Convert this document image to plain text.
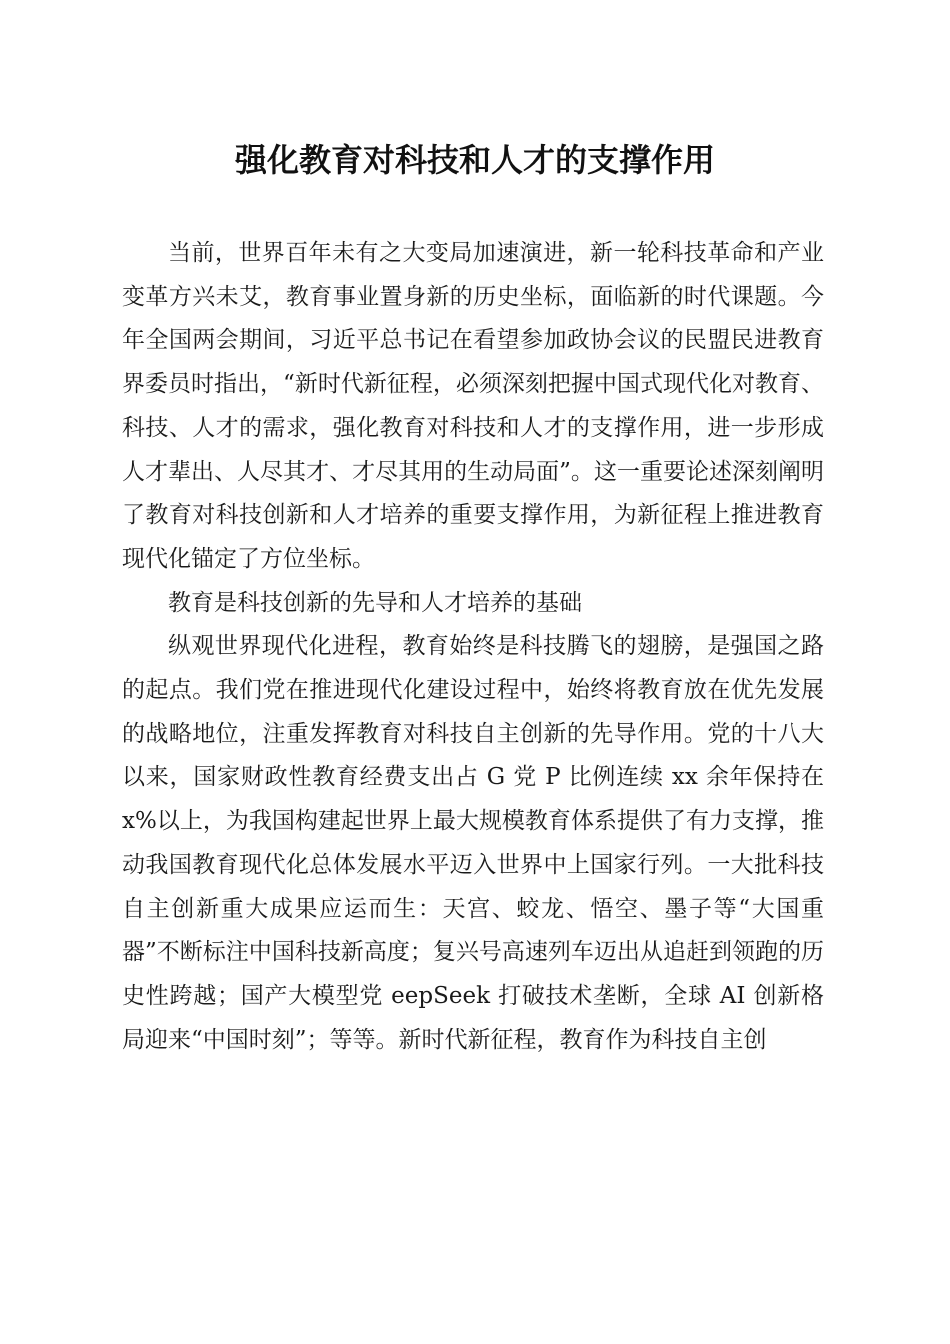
强化教育对科技和人才的支撑作用

当前，世界百年未有之大变局加速演进，新一轮科技革命和产业变革方兴未艾，教育事业置身新的历史坐标，面临新的时代课题。今年全国两会期间，习近平总书记在看望参加政协会议的民盟民进教育界委员时指出，“新时代新征程，必须深刻把握中国式现代化对教育、科技、人才的需求，强化教育对科技和人才的支撑作用，进一步形成人才辈出、人尽其才、才尽其用的生动局面”。这一重要论述深刻阐明了教育对科技创新和人才培养的重要支撑作用，为新征程上推进教育现代化锚定了方位坐标。

教育是科技创新的先导和人才培养的基础

纵观世界现代化进程，教育始终是科技腾飞的翅膀，是强国之路的起点。我们党在推进现代化建设过程中，始终将教育放在优先发展的战略地位，注重发挥教育对科技自主创新的先导作用。党的十八大以来，国家财政性教育经费支出占 G 党 P 比例连续 xx 余年保持在 x%以上，为我国构建起世界上最大规模教育体系提供了有力支撑，推动我国教育现代化总体发展水平迈入世界中上国家行列。一大批科技自主创新重大成果应运而生：天宫、蛟龙、悟空、墨子等“大国重器”不断标注中国科技新高度；复兴号高速列车迈出从追赶到领跑的历史性跨越；国产大模型党 eepSeek 打破技术垄断，全球 AI 创新格局迎来“中国时刻”；等等。新时代新征程，教育作为科技自主创
